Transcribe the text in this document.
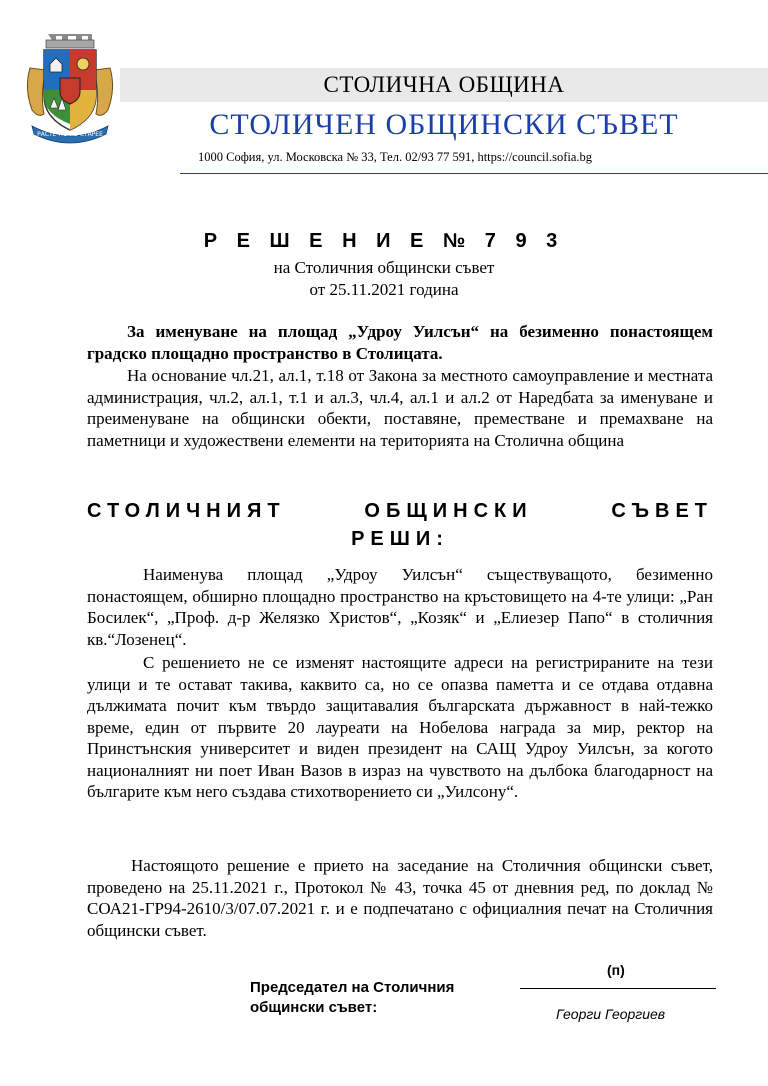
РАСТЕ НО НЕ СТАРЕЕ
СТОЛИЧНА ОБЩИНА
СТОЛИЧЕН ОБЩИНСКИ СЪВЕТ
1000 София, ул. Московска № 33, Тел. 02/93 77 591, https://council.sofia.bg
Р Е Ш Е Н И Е № 7 9 3
на Столичния общински съвет
от 25.11.2021 година
За именуване на площад „Удроу Уилсън“ на безименно понастоящем градско площадно пространство в Столицата.
На основание чл.21, ал.1, т.18 от Закона за местното самоуправление и местната администрация, чл.2, ал.1, т.1 и ал.3, чл.4, ал.1 и ал.2 от Наредбата за именуване и преименуване на общински обекти, поставяне, преместване и премахване на паметници и художествени елементи на територията на Столична община
СТОЛИЧНИЯТ ОБЩИНСКИ СЪВЕТ
РЕШИ:
Наименува площад „Удроу Уилсън“ съществуващото, безименно понастоящем, обширно площадно пространство на кръстовището на 4-те улици: „Ран Босилек“, „Проф. д-р Желязко Христов“, „Козяк“ и „Елиезер Папо“ в столичния кв.“Лозенец“.
С решението не се изменят настоящите адреси на регистрираните на тези улици и те остават такива, каквито са, но се опазва паметта и се отдава отдавна дължимата почит към твърдо защитавалия българската държавност в най-тежко време, един от първите 20 лауреати на Нобелова награда за мир, ректор на Принстънския университет и виден президент на САЩ Удроу Уилсън, за когото националният ни поет Иван Вазов в израз на чувството на дълбока благодарност на българите към него създава стихотворението си „Уилсону“.
Настоящото решение е прието на заседание на Столичния общински съвет, проведено на 25.11.2021 г., Протокол № 43, точка 45 от дневния ред, по доклад № СОА21-ГР94-2610/3/07.07.2021 г. и е подпечатано с официалния печат на Столичния общински съвет.
Председател на Столичния
общински съвет:
(п)
Георги Георгиев
